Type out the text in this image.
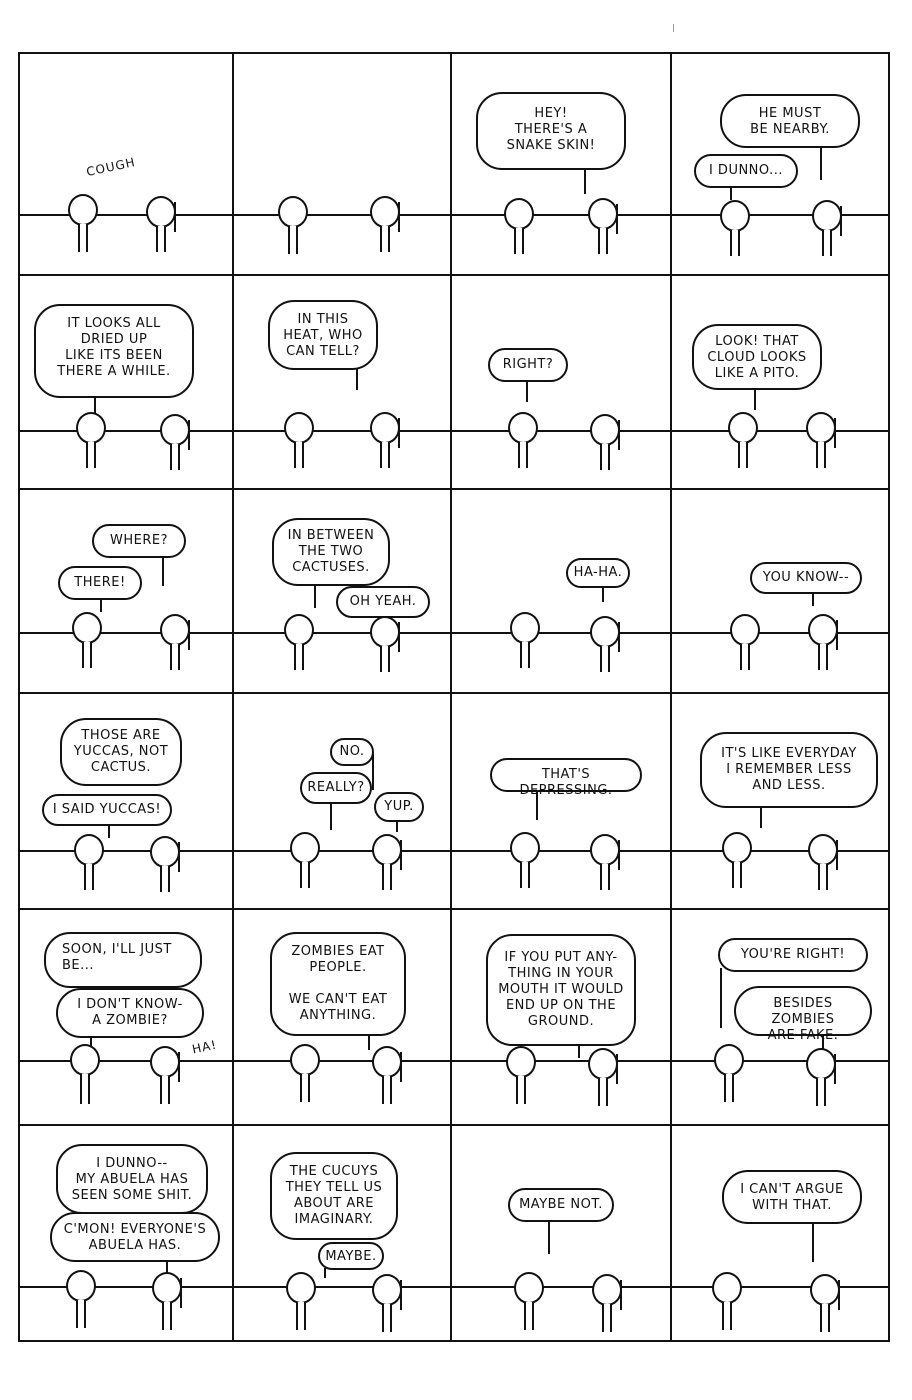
COUGH
HEY!
THERE'S A
SNAKE SKIN!
HE MUST
BE NEARBY.
I DUNNO...
IT LOOKS ALL
DRIED UP
LIKE ITS BEEN
THERE A WHILE.
IN THIS
HEAT, WHO
CAN TELL?
RIGHT?
LOOK! THAT
CLOUD LOOKS
LIKE A PITO.
WHERE?
THERE!
IN BETWEEN
THE TWO
CACTUSES.
OH YEAH.
HA-HA.	YOU KNOW--
THOSE ARE
YUCCAS, NOT
CACTUS.
I SAID YUCCAS!
NO.
REALLY?
YUP.
THAT'S DEPRESSING.
IT'S LIKE EVERYDAY
I REMEMBER LESS
AND LESS.
SOON, I'LL JUST
BE...
I DON'T KNOW-
A ZOMBIE?
HA!
ZOMBIES EAT
PEOPLE.

WE CAN'T EAT
ANYTHING.
IF YOU PUT ANY-
THING IN YOUR
MOUTH IT WOULD
END UP ON THE
GROUND.
YOU'RE RIGHT!
BESIDES ZOMBIES
ARE FAKE.
I DUNNO--
MY ABUELA HAS
SEEN SOME SHIT.
C'MON! EVERYONE'S
ABUELA HAS.
THE CUCUYS
THEY TELL US
ABOUT ARE
IMAGINARY.
MAYBE.
MAYBE NOT.
I CAN'T ARGUE
WITH THAT.
